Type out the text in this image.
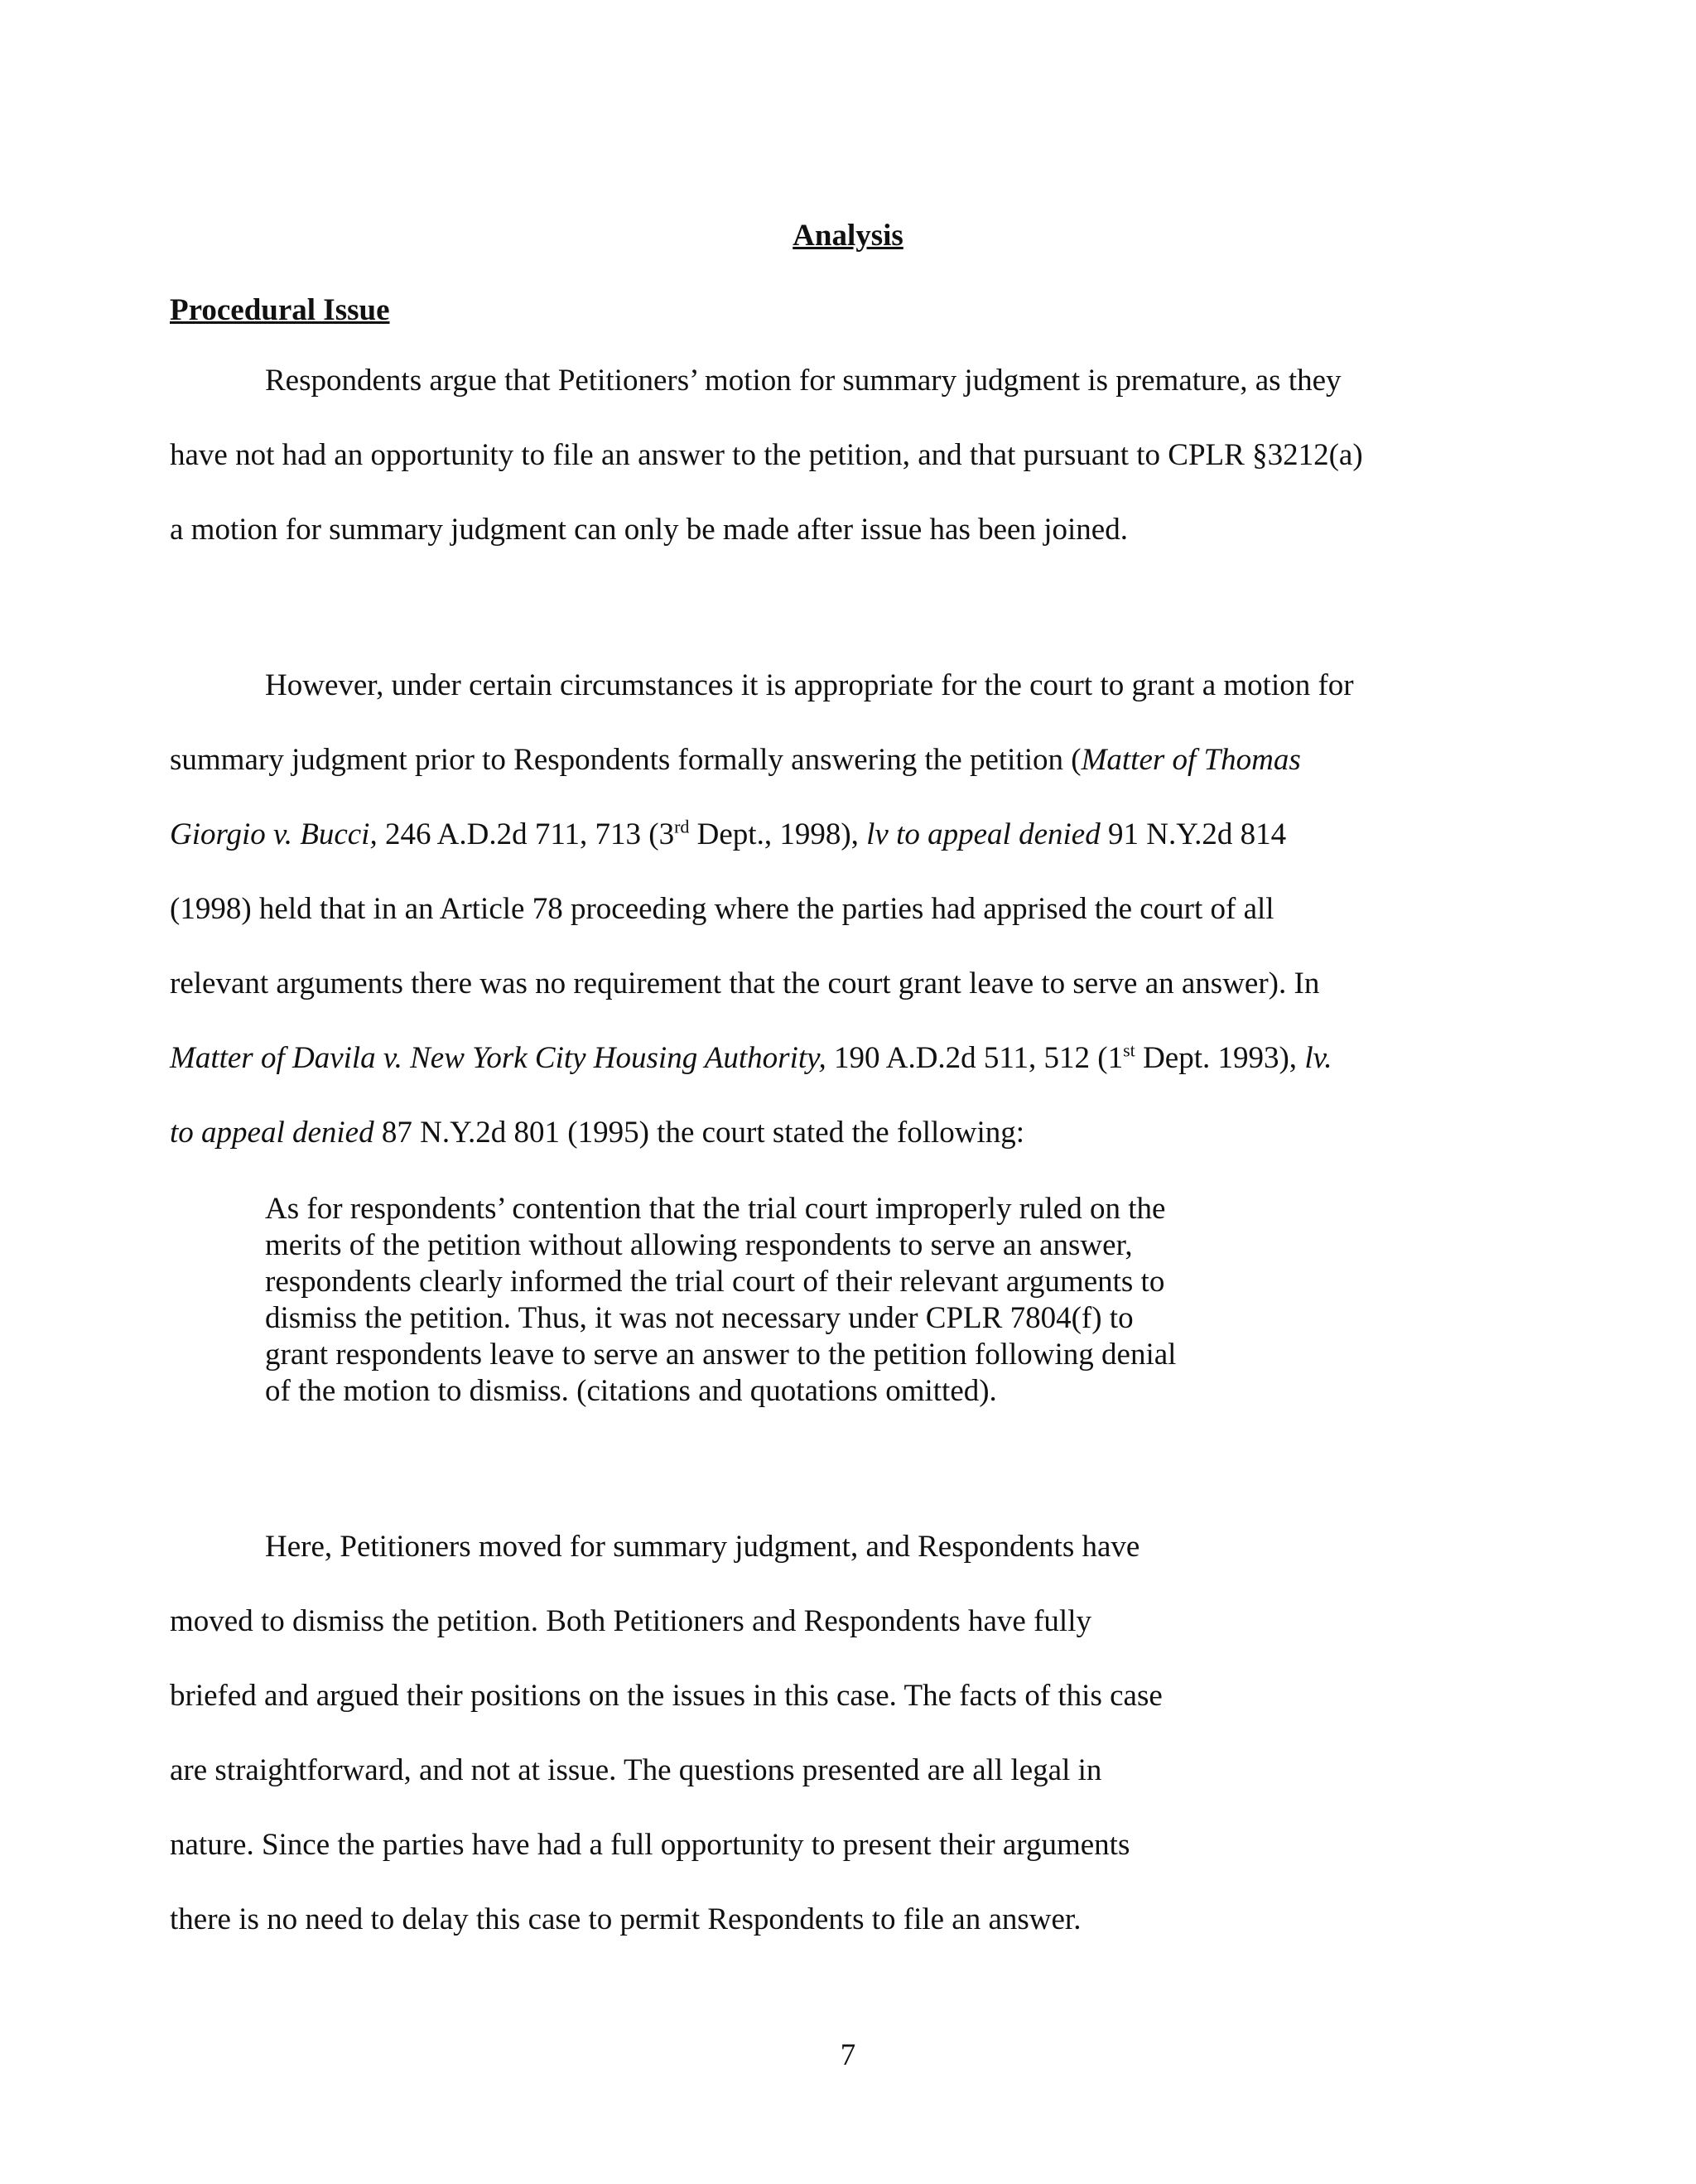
Analysis
Procedural Issue
Respondents argue that Petitioners’ motion for summary judgment is premature, as they
have not had an opportunity to file an answer to the petition, and that pursuant to CPLR §3212(a)
a motion for summary judgment can only be made after issue has been joined.
However, under certain circumstances it is appropriate for the court to grant a motion for
summary judgment prior to Respondents formally answering the petition (Matter of Thomas
Giorgio v. Bucci, 246 A.D.2d 711, 713 (3rd Dept., 1998), lv to appeal denied 91 N.Y.2d 814
(1998) held that in an Article 78 proceeding where the parties had apprised the court of all
relevant arguments there was no requirement that the court grant leave to serve an answer). In
Matter of Davila v. New York City Housing Authority, 190 A.D.2d 511, 512 (1st Dept. 1993), lv.
to appeal denied 87 N.Y.2d 801 (1995) the court stated the following:
As for respondents’ contention that the trial court improperly ruled on the
merits of the petition without allowing respondents to serve an answer,
respondents clearly informed the trial court of their relevant arguments to
dismiss the petition. Thus, it was not necessary under CPLR 7804(f) to
grant respondents leave to serve an answer to the petition following denial
of the motion to dismiss. (citations and quotations omitted).
Here, Petitioners moved for summary judgment, and Respondents have
moved to dismiss the petition. Both Petitioners and Respondents have fully
briefed and argued their positions on the issues in this case. The facts of this case
are straightforward, and not at issue. The questions presented are all legal in
nature. Since the parties have had a full opportunity to present their arguments
there is no need to delay this case to permit Respondents to file an answer.
7
